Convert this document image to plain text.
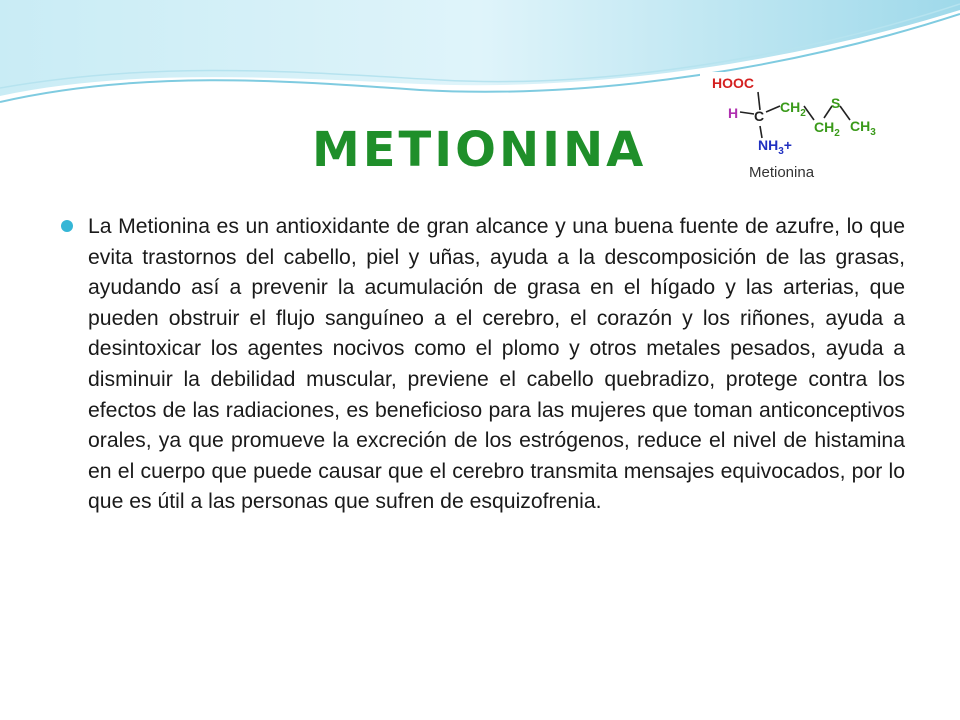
METIONINA
HOOC
H C
$NH_3+$
$CH_2$
$CH_2$
S
$CH_3$
Metionina

La Metionina es un antioxidante de gran alcance y una buena fuente de azufre, lo que evita trastornos del cabello, piel y uñas, ayuda a la descomposición de las grasas, ayudando así a prevenir la acumulación de grasa en el hígado y las arterias, que pueden obstruir el flujo sanguíneo a el cerebro, el corazón y los riñones, ayuda a desintoxicar los agentes nocivos como el plomo y otros metales pesados, ayuda a disminuir la debilidad muscular, previene el cabello quebradizo, protege contra los efectos de las radiaciones, es beneficioso para las mujeres que toman anticonceptivos orales, ya que promueve la excreción de los estrógenos, reduce el nivel de histamina en el cuerpo que puede causar que el cerebro transmita mensajes equivocados, por lo que es útil a las personas que sufren de esquizofrenia.
